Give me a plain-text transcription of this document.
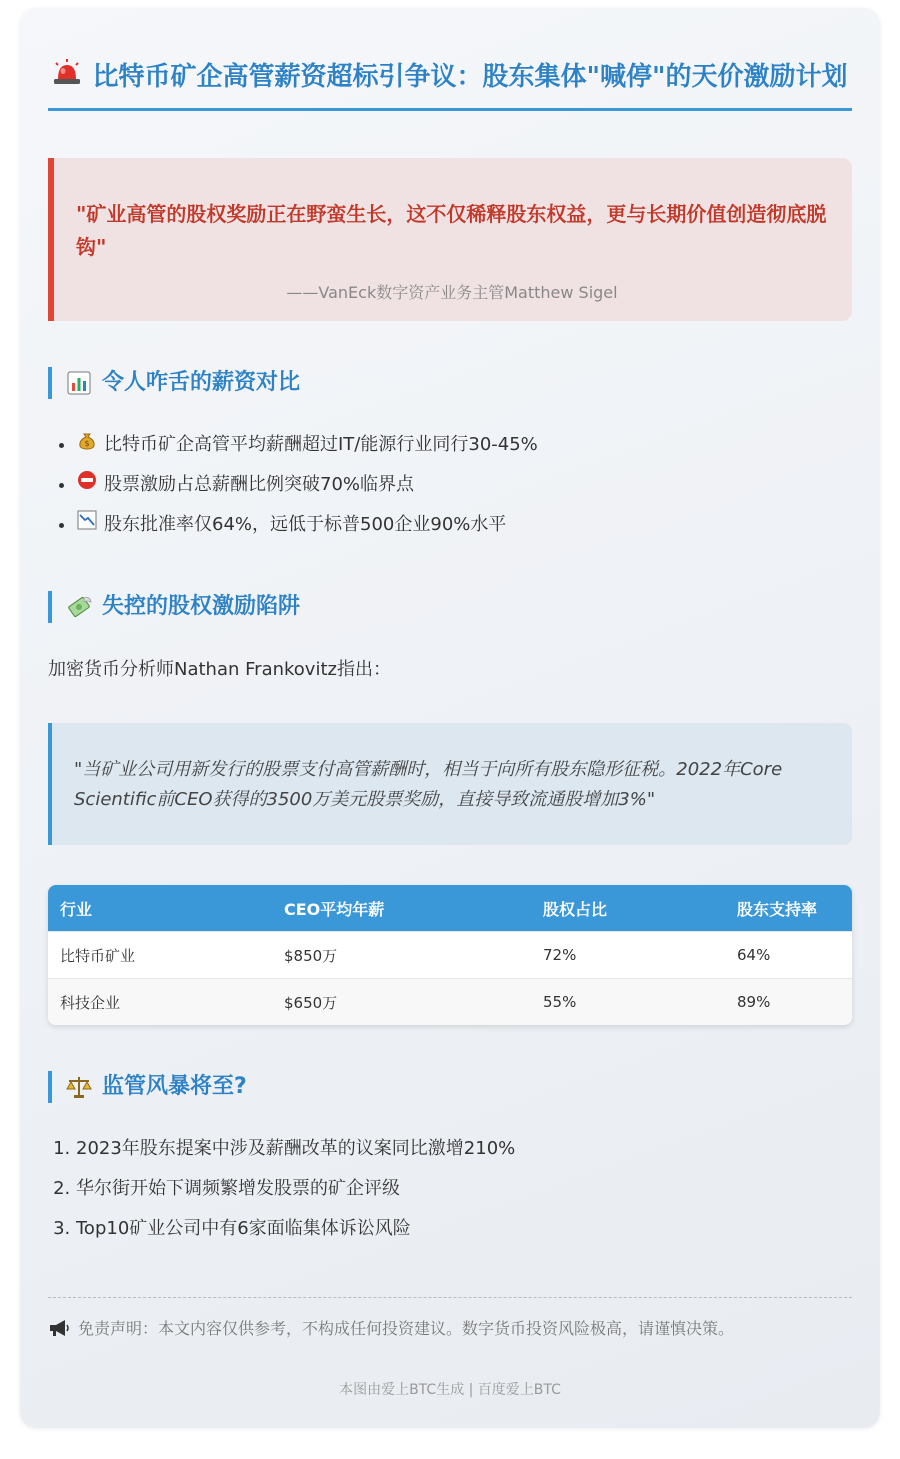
比特币矿企高管薪资超标引争议：股东集体"喊停"的天价激励计划
"矿业高管的股权奖励正在野蛮生长，这不仅稀释股东权益，更与长期价值创造彻底脱钩"
——VanEck数字资产业务主管Matthew Sigel
令人咋舌的薪资对比
• $ 比特币矿企高管平均薪酬超过IT/能源行业同行30-45%
• 股票激励占总薪酬比例突破70%临界点
• 股东批准率仅64%，远低于标普500企业90%水平
失控的股权激励陷阱
加密货币分析师Nathan Frankovitz指出：
"当矿业公司用新发行的股票支付高管薪酬时，相当于向所有股东隐形征税。2022年Core Scientific前CEO获得的3500万美元股票奖励，直接导致流通股增加3%"
行业	CEO平均年薪	股权占比	股东支持率
比特币矿业	$850万	72%	64%
科技企业	$650万	55%	89%
监管风暴将至?
1. 2023年股东提案中涉及薪酬改革的议案同比激增210%
2. 华尔街开始下调频繁增发股票的矿企评级
3. Top10矿业公司中有6家面临集体诉讼风险
免责声明：本文内容仅供参考，不构成任何投资建议。数字货币投资风险极高，请谨慎决策。
本图由爱上BTC生成 | 百度爱上BTC
